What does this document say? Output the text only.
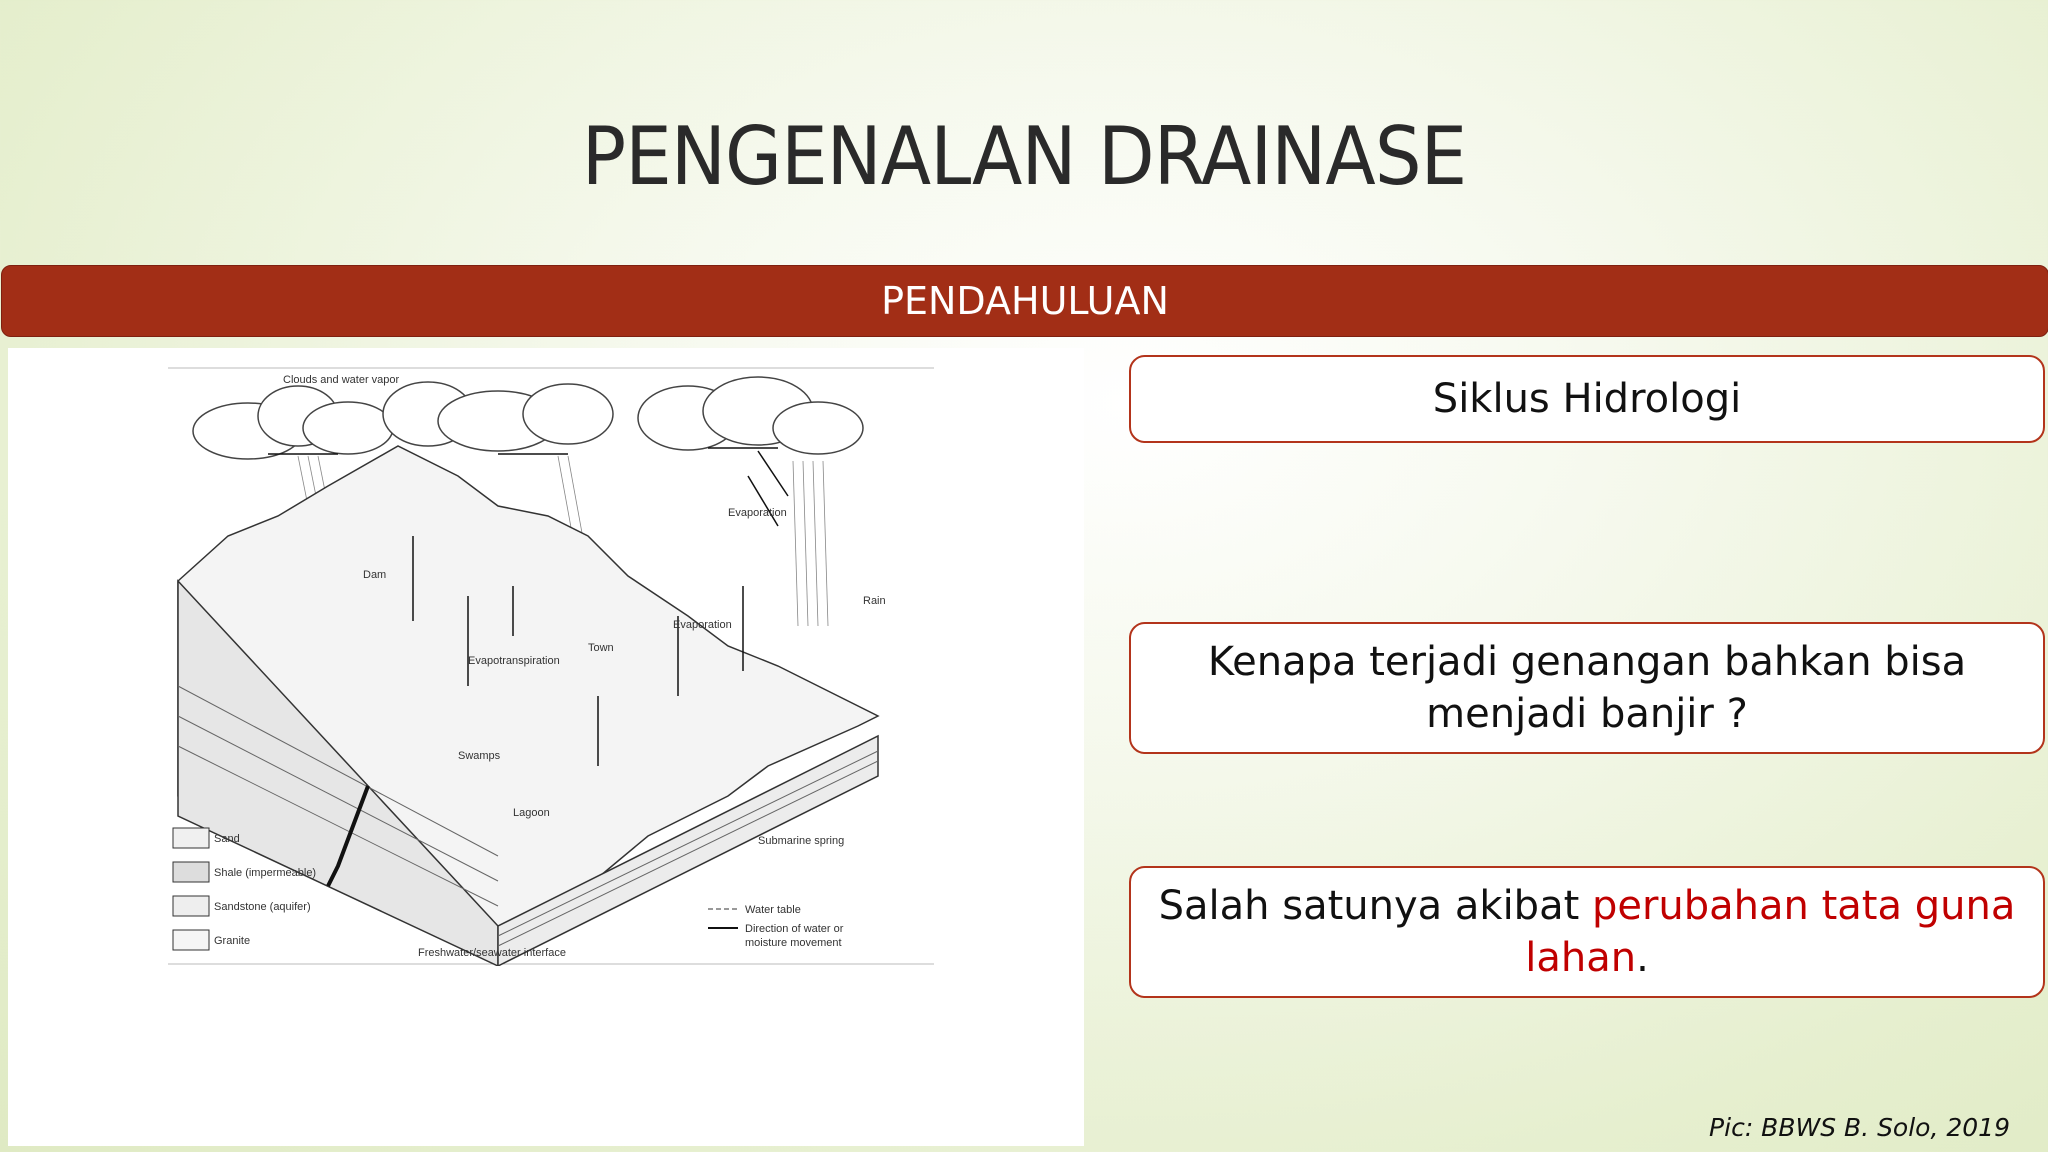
PENGENALAN DRAINASE
PENDAHULUAN
Clouds and water vapor
Evaporation
Rain
Dam
Evaporation
Town
Evapotranspiration
Swamps
Lagoon
Submarine spring
Freshwater/seawater interface
Sand
Shale (impermeable)
Sandstone (aquifer)
Granite
Water table
Direction of water or
moisture movement
Siklus Hidrologi
Kenapa terjadi genangan bahkan bisa menjadi banjir ?
Salah satunya akibat perubahan tata guna lahan.
Pic: BBWS B. Solo, 2019
